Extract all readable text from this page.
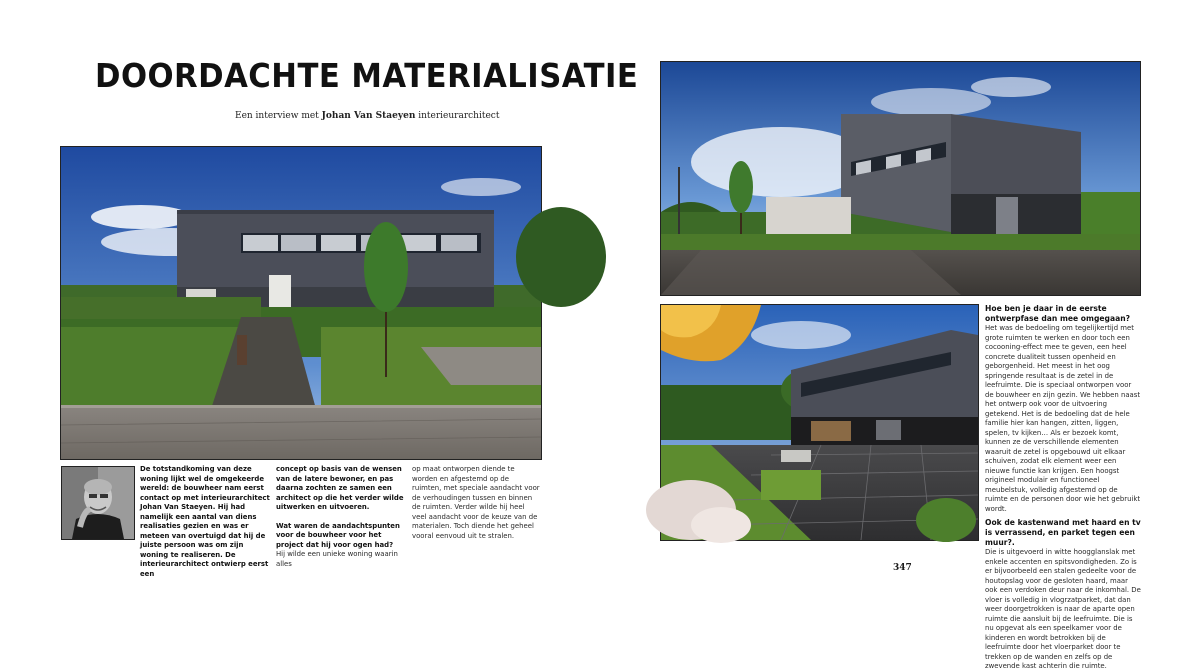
DOORDACHTE MATERIALISATIE
Een interview met Johan Van Staeyen interieurarchitect

De totstandkoming van deze woning lijkt wel de omgekeerde wereld: de bouwheer nam eerst contact op met interieurarchitect Johan Van Staeyen. Hij had namelijk een aantal van diens realisaties gezien en was er meteen van overtuigd dat hij de juiste persoon was om zijn woning te realiseren. De interieurarchitect ontwierp eerst een

concept op basis van de wensen van de latere bewoner, en pas daarna zochten ze samen een architect op die het verder wilde uitwerken en uitvoeren.

Wat waren de aandachtspunten voor de bouwheer voor het project dat hij voor ogen had?

Hij wilde een unieke woning waarin alles

op maat ontworpen diende te worden en afgestemd op de ruimten, met speciale aandacht voor de verhoudingen tussen en binnen de ruimten. Verder wilde hij heel veel aandacht voor de keuze van de materialen. Toch diende het geheel vooral eenvoud uit te stralen.

Hoe ben je daar in de eerste ontwerpfase dan mee omgegaan?

Het was de bedoeling om tegelijkertijd met grote ruimten te werken en door toch een cocooning-effect mee te geven, een heel concrete dualiteit tussen openheid en geborgenheid. Het meest in het oog springende resultaat is de zetel in de leefruimte. Die is speciaal ontworpen voor de bouwheer en zijn gezin. We hebben naast het ontwerp ook voor de uitvoering getekend. Het is de bedoeling dat de hele familie hier kan hangen, zitten, liggen, spelen, tv kijken… Als er bezoek komt, kunnen ze de verschillende elementen waaruit de zetel is opgebouwd uit elkaar schuiven, zodat elk element weer een nieuwe functie kan krijgen. Een hoogst origineel modulair en functioneel meubelstuk, volledig afgestemd op de ruimte en de personen door wie het gebruikt wordt.

Ook de kastenwand met haard en tv is verrassend, en parket tegen een muur?.

Die is uitgevoerd in witte hoogglanslak met enkele accenten en spitsvondigheden. Zo is er bijvoorbeeld een stalen gedeelte voor de houtopslag voor de gesloten haard, maar ook een verdoken deur naar de inkomhal. De vloer is volledig in vlogrzatparket, dat dan weer doorgetrokken is naar de aparte open ruimte die aansluit bij de leefruimte. Die is nu opgevat als een speelkamer voor de kinderen en wordt betrokken bij de leefruimte door het vloerparket door te trekken op de wanden en zelfs op de zwevende kast achterin die ruimte.

347
